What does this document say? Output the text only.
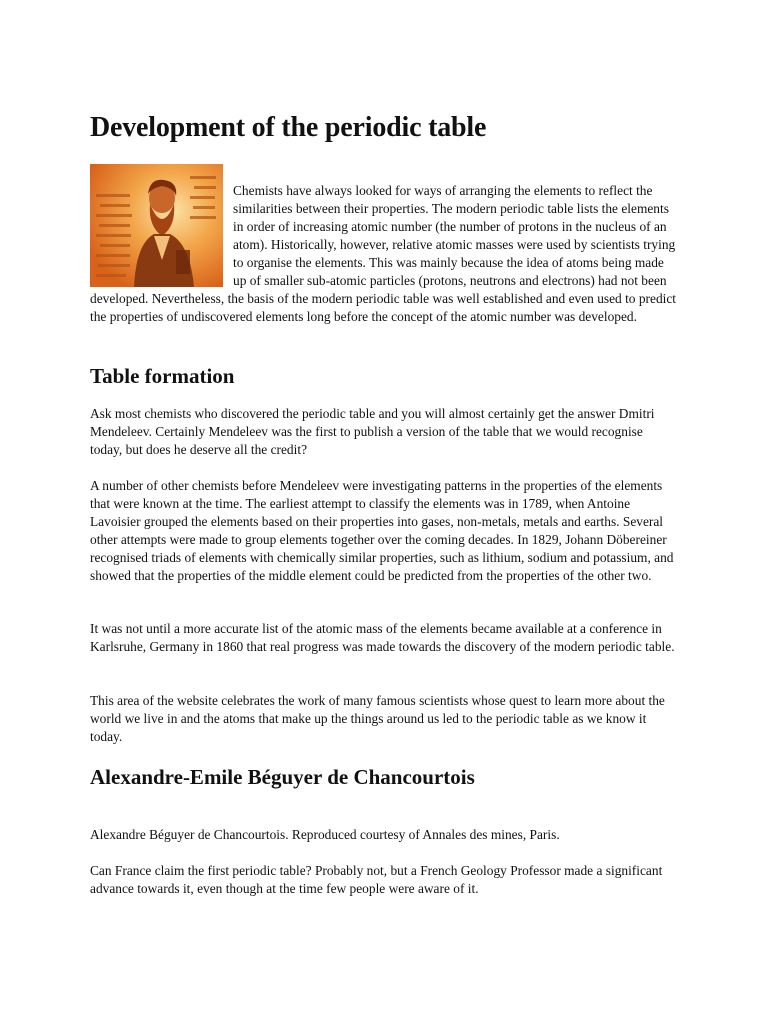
Development of the periodic table

Chemists have always looked for ways of arranging the elements to reflect the similarities between their properties. The modern periodic table lists the elements in order of increasing atomic number (the number of protons in the nucleus of an atom). Historically, however, relative atomic masses were used by scientists trying to organise the elements. This was mainly because the idea of atoms being made up of smaller sub-atomic particles (protons, neutrons and electrons) had not been developed. Nevertheless, the basis of the modern periodic table was well established and even used to predict the properties of undiscovered elements long before the concept of the atomic number was developed.

Table formation

Ask most chemists who discovered the periodic table and you will almost certainly get the answer Dmitri Mendeleev. Certainly Mendeleev was the first to publish a version of the table that we would recognise today, but does he deserve all the credit?

A number of other chemists before Mendeleev were investigating patterns in the properties of the elements that were known at the time. The earliest attempt to classify the elements was in 1789, when Antoine Lavoisier grouped the elements based on their properties into gases, non-metals, metals and earths. Several other attempts were made to group elements together over the coming decades. In 1829, Johann Döbereiner recognised triads of elements with chemically similar properties, such as lithium, sodium and potassium, and showed that the properties of the middle element could be predicted from the properties of the other two.

It was not until a more accurate list of the atomic mass of the elements became available at a conference in Karlsruhe, Germany in 1860 that real progress was made towards the discovery of the modern periodic table.

This area of the website celebrates the work of many famous scientists whose quest to learn more about the world we live in and the atoms that make up the things around us led to the periodic table as we know it today.

Alexandre-Emile Béguyer de Chancourtois

Alexandre Béguyer de Chancourtois. Reproduced courtesy of Annales des mines, Paris.

Can France claim the first periodic table? Probably not, but a French Geology Professor made a significant advance towards it, even though at the time few people were aware of it.
